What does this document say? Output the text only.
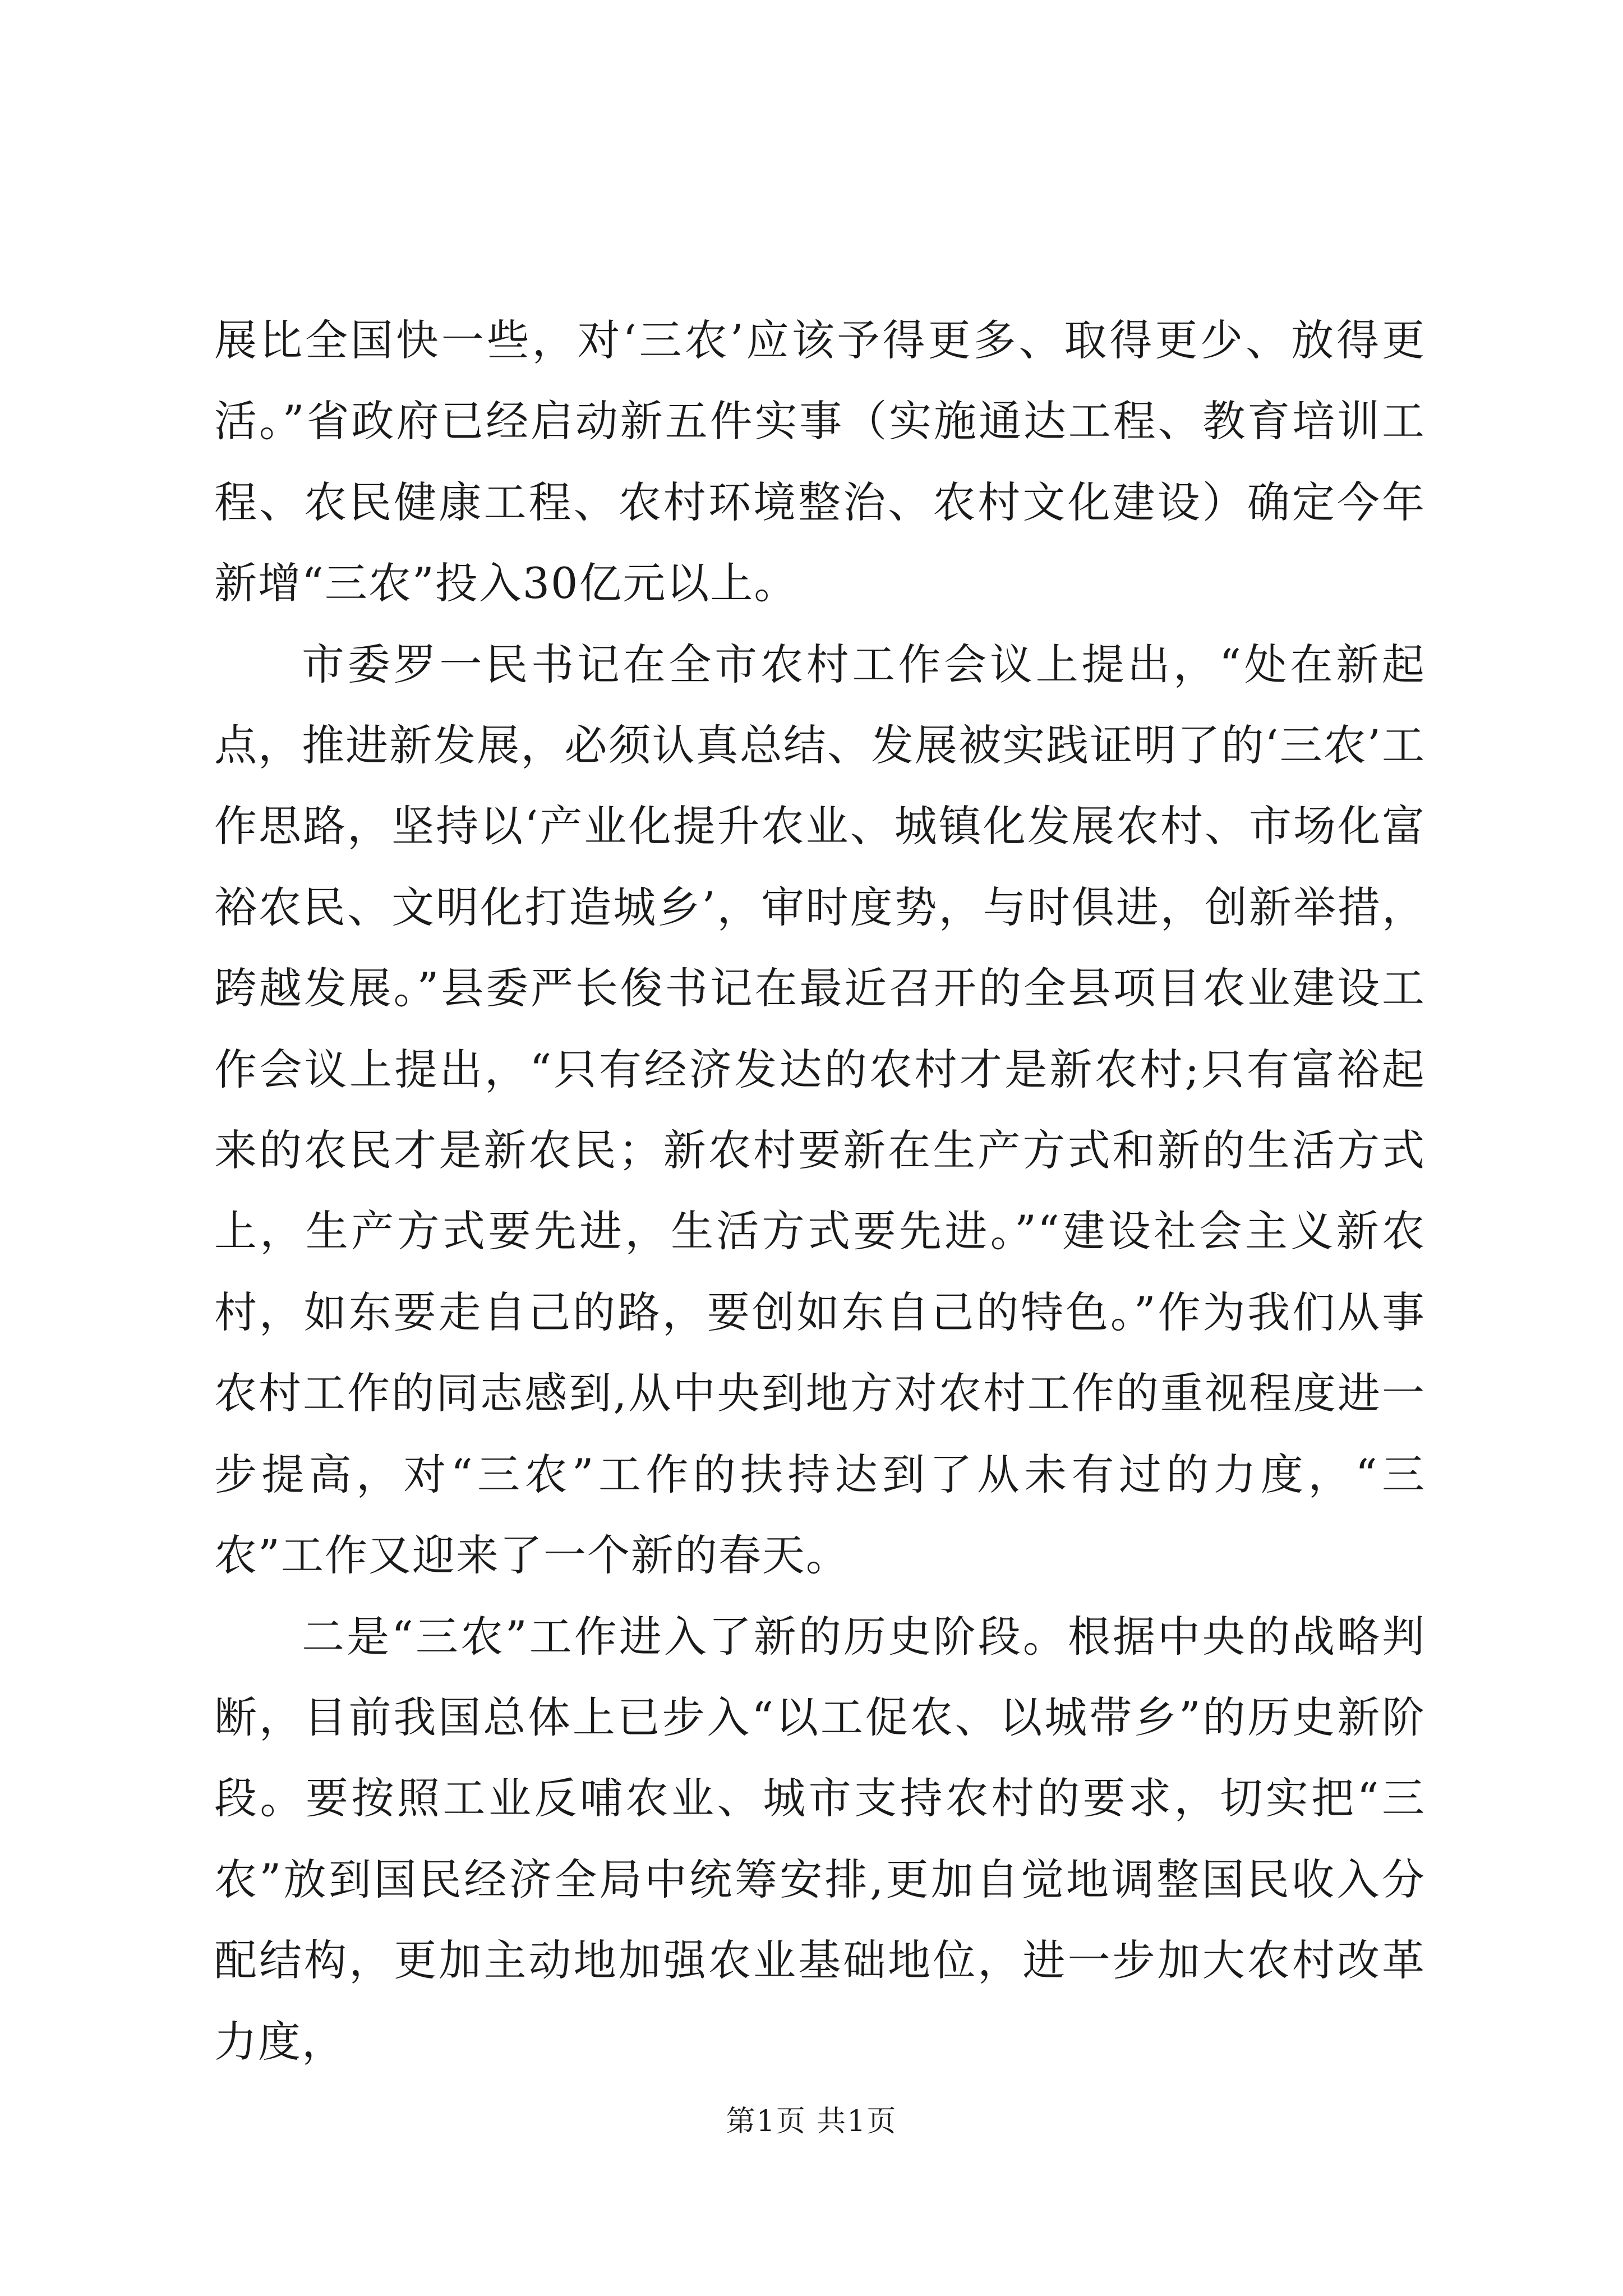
展比全国快一些，对‘三农’应该予得更多、取得更少、放得更活。”省政府已经启动新五件实事（实施通达工程、教育培训工程、农民健康工程、农村环境整治、农村文化建设）确定今年新增“三农”投入30亿元以上。

市委罗一民书记在全市农村工作会议上提出，“处在新起点，推进新发展，必须认真总结、发展被实践证明了的‘三农’工作思路，坚持以‘产业化提升农业、城镇化发展农村、市场化富裕农民、文明化打造城乡’，审时度势，与时俱进，创新举措，跨越发展。”县委严长俊书记在最近召开的全县项目农业建设工作会议上提出，“只有经济发达的农村才是新农村;只有富裕起来的农民才是新农民；新农村要新在生产方式和新的生活方式上，生产方式要先进，生活方式要先进。”“建设社会主义新农村，如东要走自己的路，要创如东自己的特色。”作为我们从事农村工作的同志感到,从中央到地方对农村工作的重视程度进一步提高，对“三农”工作的扶持达到了从未有过的力度，“三农”工作又迎来了一个新的春天。

二是“三农”工作进入了新的历史阶段。根据中央的战略判断，目前我国总体上已步入“以工促农、以城带乡”的历史新阶段。要按照工业反哺农业、城市支持农村的要求，切实把“三农”放到国民经济全局中统筹安排,更加自觉地调整国民收入分配结构，更加主动地加强农业基础地位，进一步加大农村改革力度，

第1页 共1页
